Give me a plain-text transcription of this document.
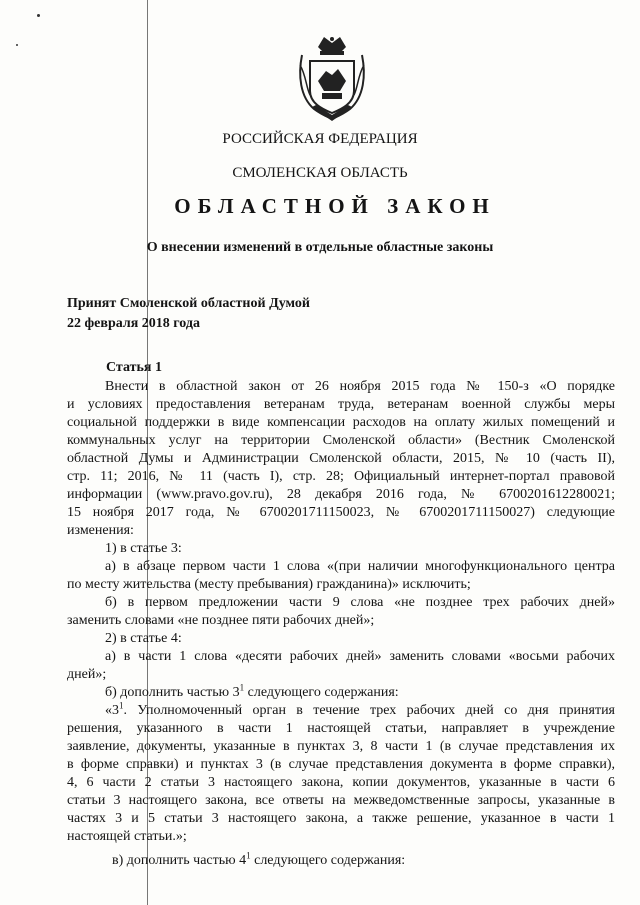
РОССИЙСКАЯ ФЕДЕРАЦИЯ
СМОЛЕНСКАЯ ОБЛАСТЬ
ОБЛАСТНОЙ ЗАКОН
О внесении изменений в отдельные областные законы
Принят Смоленской областной Думой
22 февраля 2018 года
Статья 1
Внести в областной закон от 26 ноября 2015 года № 150-з «О порядке
и условиях предоставления ветеранам труда, ветеранам военной службы меры
социальной поддержки в виде компенсации расходов на оплату жилых помещений и
коммунальных услуг на территории Смоленской области» (Вестник Смоленской
областной Думы и Администрации Смоленской области, 2015, № 10 (часть II),
стр. 11; 2016, № 11 (часть I), стр. 28; Официальный интернет-портал правовой
информации (www.pravo.gov.ru), 28 декабря 2016 года, № 6700201612280021;
15 ноября 2017 года, № 6700201711150023, № 6700201711150027) следующие
изменения:
1) в статье 3:
а) в абзаце первом части 1 слова «(при наличии многофункционального центра
по месту жительства (месту пребывания) гражданина)» исключить;
б) в первом предложении части 9 слова «не позднее трех рабочих дней»
заменить словами «не позднее пяти рабочих дней»;
2) в статье 4:
а) в части 1 слова «десяти рабочих дней» заменить словами «восьми рабочих
дней»;
б) дополнить частью $3^1$ следующего содержания:
«$3^1$. Уполномоченный орган в течение трех рабочих дней со дня принятия
решения, указанного в части 1 настоящей статьи, направляет в учреждение
заявление, документы, указанные в пунктах 3, 8 части 1 (в случае представления их
в форме справки) и пунктах 3 (в случае представления документа в форме справки),
4, 6 части 2 статьи 3 настоящего закона, копии документов, указанные в части 6
статьи 3 настоящего закона, все ответы на межведомственные запросы, указанные в
частях 3 и 5 статьи 3 настоящего закона, а также решение, указанное в части 1
настоящей статьи.»;
в) дополнить частью $4^1$ следующего содержания:
